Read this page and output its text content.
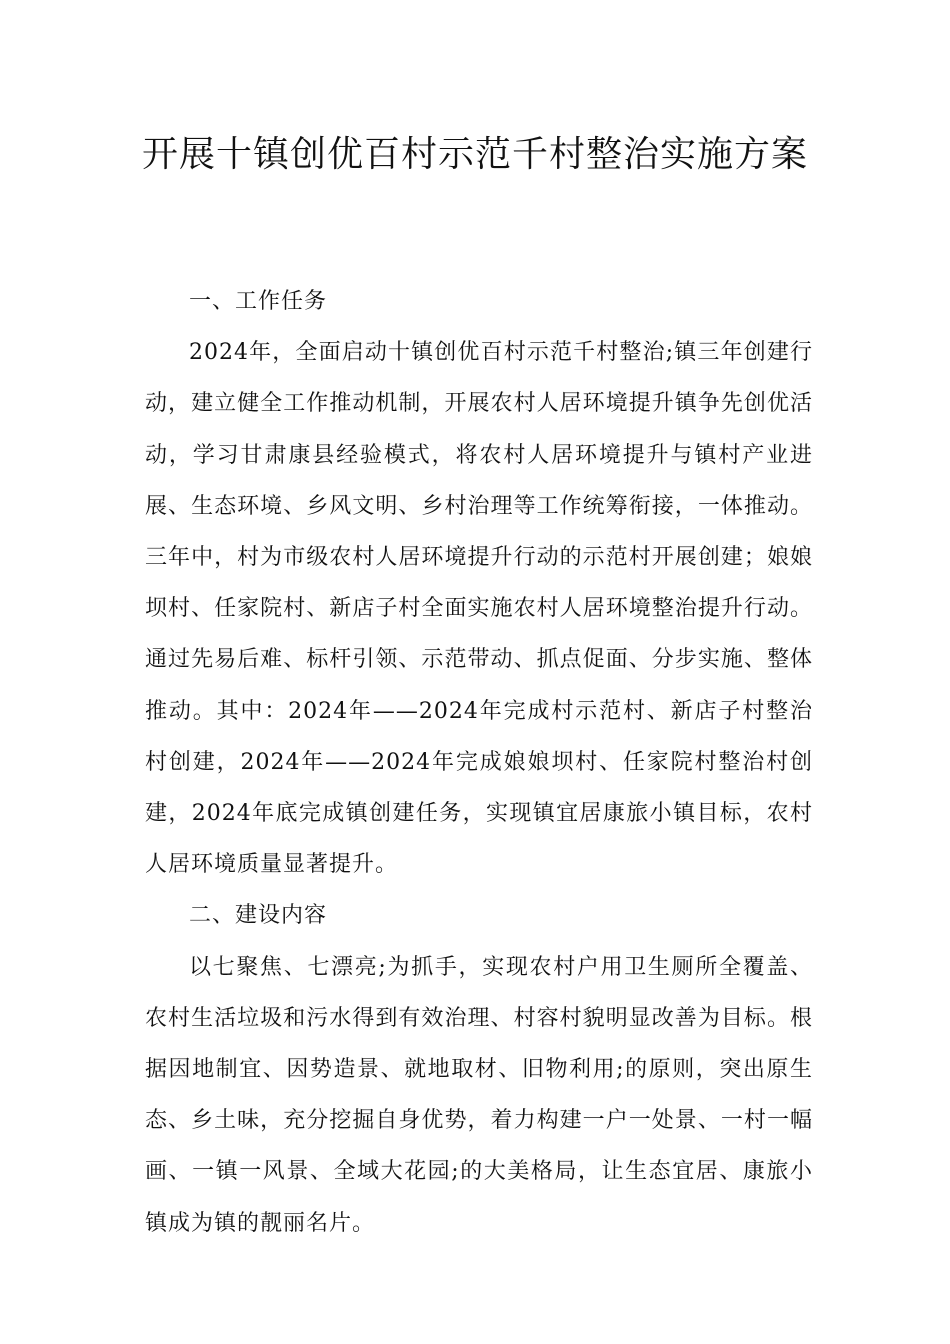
开展十镇创优百村示范千村整治实施方案

一、工作任务

2024年，全面启动十镇创优百村示范千村整治;镇三年创建行动，建立健全工作推动机制，开展农村人居环境提升镇争先创优活动，学习甘肃康县经验模式，将农村人居环境提升与镇村产业进展、生态环境、乡风文明、乡村治理等工作统筹衔接，一体推动。三年中，村为市级农村人居环境提升行动的示范村开展创建；娘娘坝村、任家院村、新店子村全面实施农村人居环境整治提升行动。通过先易后难、标杆引领、示范带动、抓点促面、分步实施、整体推动。其中：2024年——2024年完成村示范村、新店子村整治村创建，2024年——2024年完成娘娘坝村、任家院村整治村创建，2024年底完成镇创建任务，实现镇宜居康旅小镇目标，农村人居环境质量显著提升。

二、建设内容

以七聚焦、七漂亮;为抓手，实现农村户用卫生厕所全覆盖、农村生活垃圾和污水得到有效治理、村容村貌明显改善为目标。根据因地制宜、因势造景、就地取材、旧物利用;的原则，突出原生态、乡土味，充分挖掘自身优势，着力构建一户一处景、一村一幅画、一镇一风景、全域大花园;的大美格局，让生态宜居、康旅小镇成为镇的靓丽名片。
